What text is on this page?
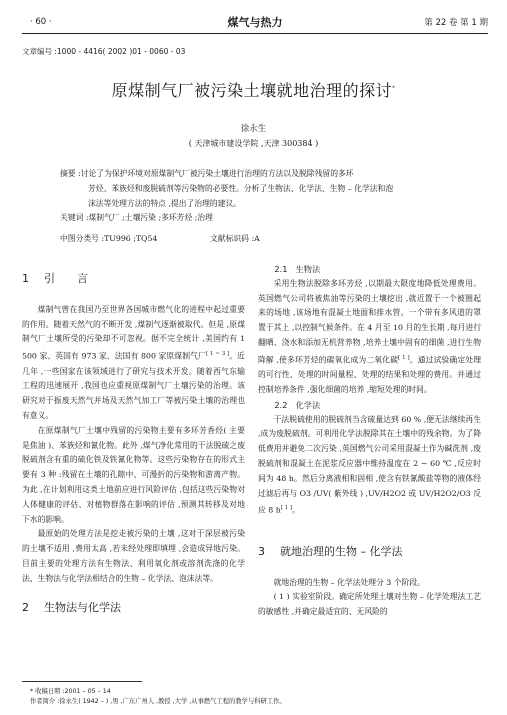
· 60 ·	煤气与热力	第 22 卷 第 1 期
文章编号 :1000 - 4416( 2002 )01 - 0060 - 03
原煤制气厂被污染土壤就地治理的探讨*
徐永生
( 天津城市建设学院 ,天津 300384 )

摘要 :讨论了为保护环境对原煤制气厂被污染土壤进行治理的方法以及脱除残留的多环

芳烃、苯族烃和废脱硫剂等污染物的必要性。分析了生物法、化学法、生物 – 化学法和泡

沫法等处理方法的特点 ,提出了治理的建议。

关键词 :煤制气厂 ;土壤污染 ;多环芳烃 ;治理

中图分类号 :TU996 ;TQ54	文献标识码 :A
1 引　　言

煤制气曾在我国乃至世界各国城市燃气化的进程中起过重要的作用。随着天然气的不断开发 ,煤制气逐渐被取代。但是 ,原煤制气厂土壤所受的污染却不可忽视。据不完全统计 ,美国约有 1 500 家、英国有 973 家、法国有 800 家原煤制气厂[ 1 ~ 3 ]。近几年 ,一些国家在该领域进行了研究与技术开发。随着西气东输工程的迅速展开 ,我国也应重视原煤制气厂土壤污染的治理。该研究对于振废天然气并场及天然气加工厂等被污染土壤的治理也有意义。

在原煤制气厂土壤中残留的污染物主要有多环芳香烃( 主要是焦油 )、苯族烃和氰化物。此外 ,煤气净化常用的干法脱硫之废脱硫剂含有重的硫化铁及铁氰化物等。这些污染物存在的形式主要有 3 种 :残留在土壤的孔隙中、可漫折的污染物和游离产物。为此 ,在计划利用这类土地前应进行风险评估 ,包括这些污染物对人体健康的评估、对植物群落在影响的评估 ,预测其转移及对地下水的影响。

最原始的处理方法是挖走被污染的土壤 ,这对于深层被污染的土壤不适用 ,费用太高 ,若未经处理即填埋 ,会造成异地污染。目前主要的处理方法有生物法、利用氧化剂或溶剂洗涤的化学法、生物法与化学法相结合的生物 – 化学法、泡沫法等。

2 生物法与化学法

2.1　生物法

采用生物法脱除多环芳烃 ,以期最大限度地降低处理费用。英国燃气公司将被焦油等污染的土壤挖出 ,就近置于一个被圈起来的场地 ,该场地有混凝土地面和排水管。一个带有多风道的罩置于其上 ,以控制气候条件。在 4 月至 10 月的生长期 ,每月进行翻晒、浇水和添加无机营养物 ,培养土壤中固有的细菌 ,进行生物降解 ,使多环芳烃的碳氧化成为二氧化碳[ 1 ]。通过试验确定处理的可行性、处理的时间量程、处理的结果和处理的费用。并通过控制培养条件 ,强化细菌的培养 ,缩短处理的时间。

2.2　化学法

干法脱硫使用的脱硫剂当含硫量达到 60 % ,便无法继续再生 ,成为废脱硫剂。可利用化学法脱除其在土壤中的残余物。为了降低费用并避免二次污染 ,英国燃气公司采用混凝土作为碱洗剂 ,废脱硫剂和混凝土在泥浆反应器中维持温度在 2 ~ 60 ℃ ,反应时间为 48 h。然后分离液相和固相 ,使含有铁氰酸盐等物的液体经过滤后再与 O3 /UV( 紫外线 ) ,UV/H2O2 或 UV/H2O2/O3 反应 8 h[ 1 ]。

3 就地治理的生物 – 化学法

就地治理的生物 – 化学法处理分 3 个阶段。

( 1 ) 实验室阶段。确定所处理土壤对生物 – 化学处理法工艺的敏感性 ,并确定最适宜的、无风险的

* 收稿日期 :2001 – 05 – 14
作者简介 :徐永生( 1942 – ) ,男 ,广东广州人 ,教授 ,大学 ,从事燃气工程的教学与科研工作。
